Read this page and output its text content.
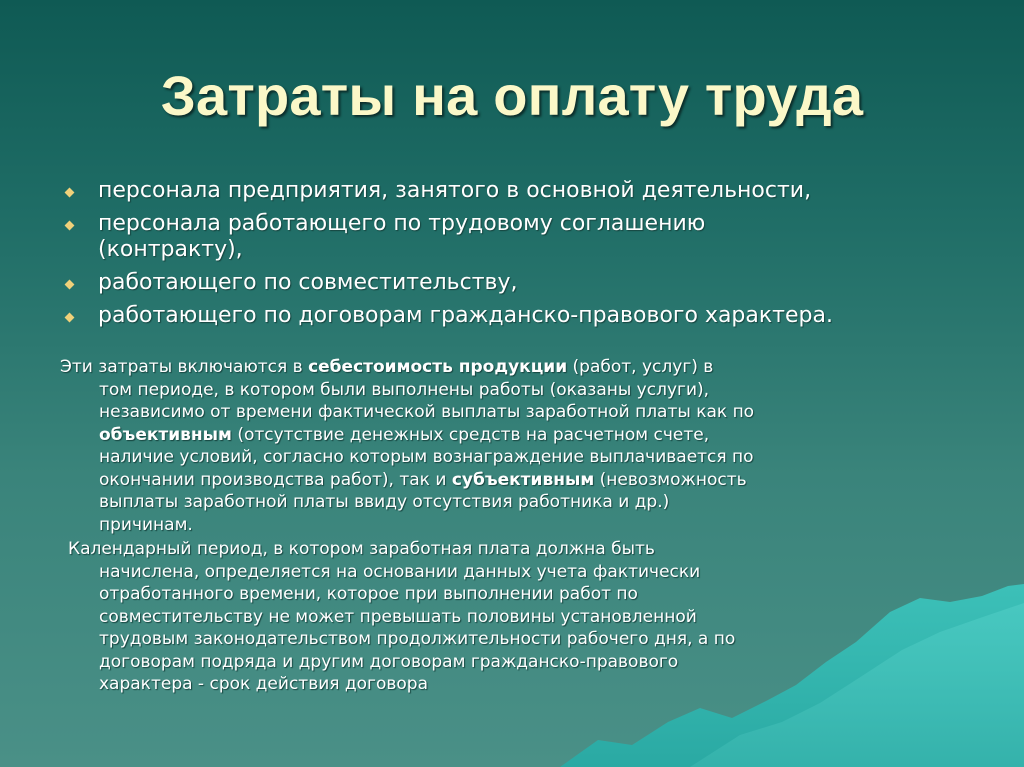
Затраты на оплату труда
персонала предприятия, занятого в основной деятельности,
персонала работающего по трудовому соглашению
(контракту),
работающего по совместительству,
работающего по договорам гражданско-правового характера.

Эти затраты включаются в себестоимость продукции (работ, услуг) в
том периоде, в котором были выполнены работы (оказаны услуги),
независимо от времени фактической выплаты заработной платы как по
объективным (отсутствие денежных средств на расчетном счете,
наличие условий, согласно которым вознаграждение выплачивается по
окончании производства работ), так и субъективным (невозможность
выплаты заработной платы ввиду отсутствия работника и др.)
причинам.

Календарный период, в котором заработная плата должна быть
начислена, определяется на основании данных учета фактически
отработанного времени, которое при выполнении работ по
совместительству не может превышать половины установленной
трудовым законодательством продолжительности рабочего дня, а по
договорам подряда и другим договорам гражданско-правового
характера - срок действия договора
